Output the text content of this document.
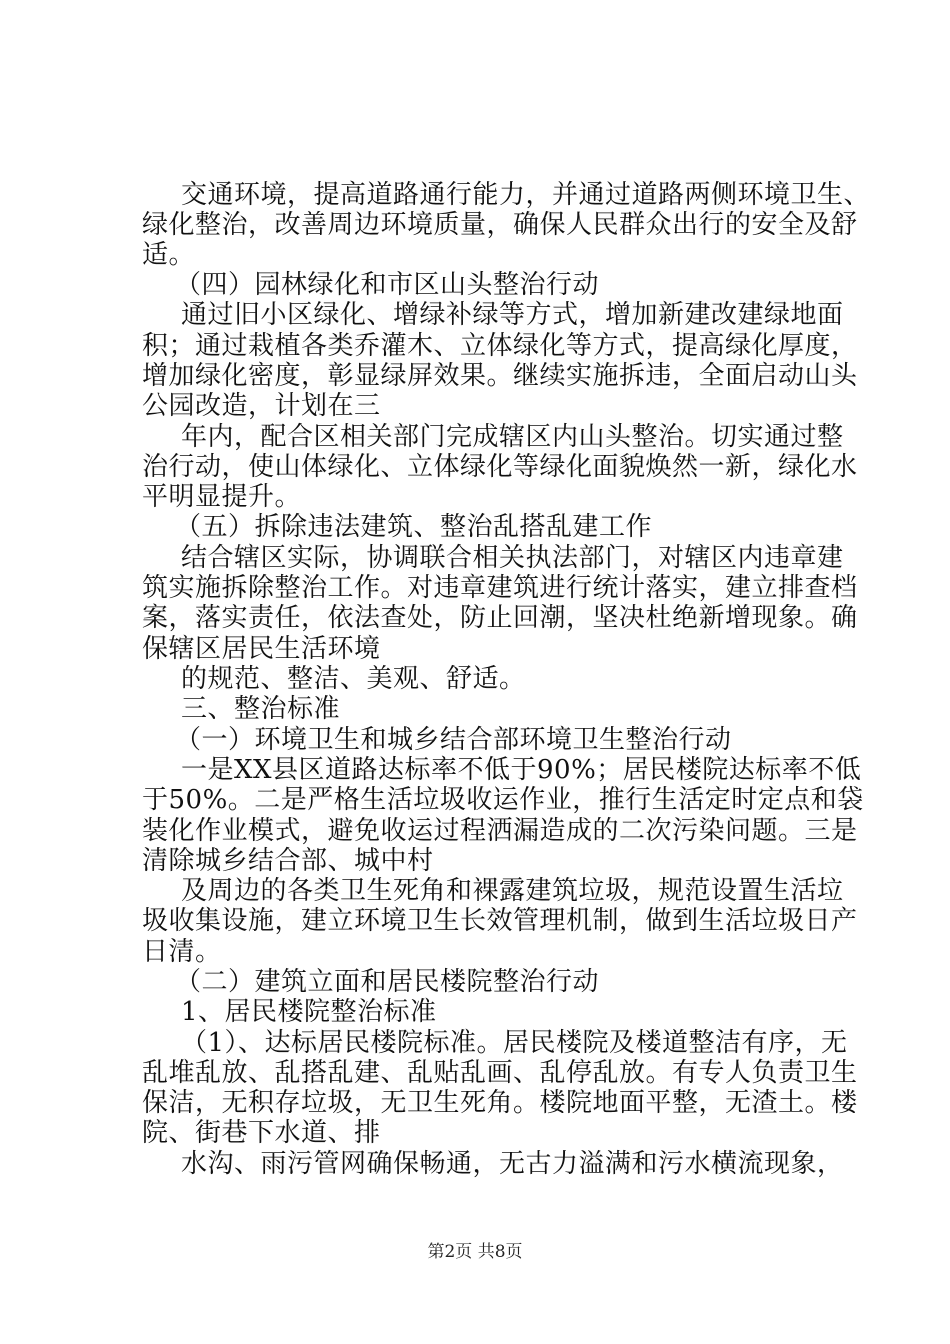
交通环境，提高道路通行能力，并通过道路两侧环境卫生、
绿化整治，改善周边环境质量，确保人民群众出行的安全及舒
适。
（四）园林绿化和市区山头整治行动
通过旧小区绿化、增绿补绿等方式，增加新建改建绿地面
积；通过栽植各类乔灌木、立体绿化等方式，提高绿化厚度，
增加绿化密度，彰显绿屏效果。继续实施拆违，全面启动山头
公园改造，计划在三
年内，配合区相关部门完成辖区内山头整治。切实通过整
治行动，使山体绿化、立体绿化等绿化面貌焕然一新，绿化水
平明显提升。
（五）拆除违法建筑、整治乱搭乱建工作
结合辖区实际，协调联合相关执法部门，对辖区内违章建
筑实施拆除整治工作。对违章建筑进行统计落实，建立排查档
案，落实责任，依法查处，防止回潮，坚决杜绝新增现象。确
保辖区居民生活环境
的规范、整洁、美观、舒适。
三、整治标准
（一）环境卫生和城乡结合部环境卫生整治行动
一是XX县区道路达标率不低于90%；居民楼院达标率不低
于50%。二是严格生活垃圾收运作业，推行生活定时定点和袋
装化作业模式，避免收运过程洒漏造成的二次污染问题。三是
清除城乡结合部、城中村
及周边的各类卫生死角和裸露建筑垃圾，规范设置生活垃
圾收集设施，建立环境卫生长效管理机制，做到生活垃圾日产
日清。
（二）建筑立面和居民楼院整治行动
1、居民楼院整治标准
（1）、达标居民楼院标准。居民楼院及楼道整洁有序，无
乱堆乱放、乱搭乱建、乱贴乱画、乱停乱放。有专人负责卫生
保洁，无积存垃圾，无卫生死角。楼院地面平整，无渣土。楼
院、街巷下水道、排
水沟、雨污管网确保畅通，无古力溢满和污水横流现象，
第2页 共8页
